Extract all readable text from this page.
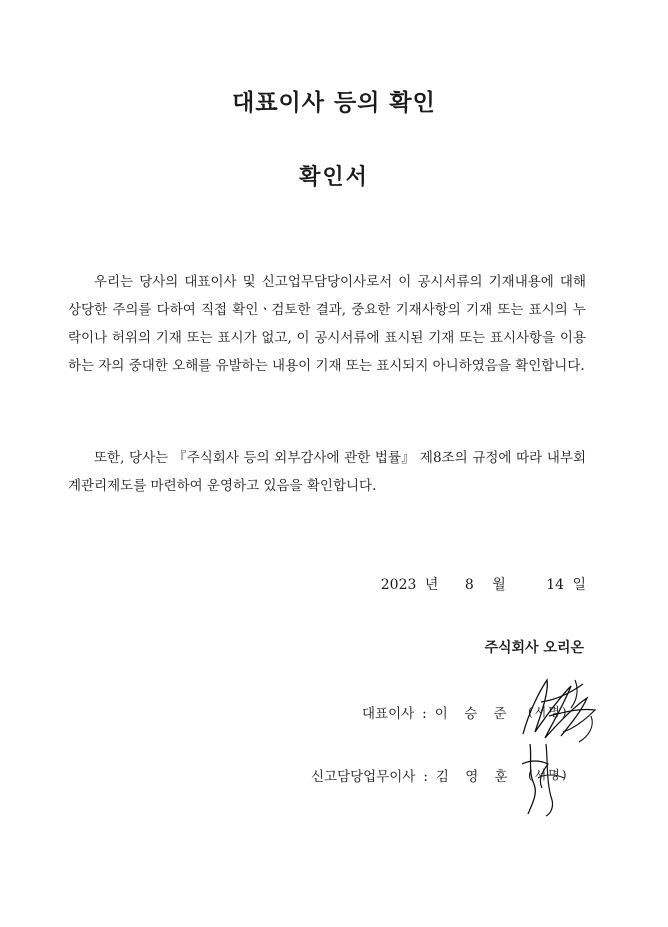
대표이사 등의 확인
확인서
우리는 당사의 대표이사 및 신고업무담당이사로서 이 공시서류의 기재내용에 대해 상당한 주의를 다하여 직접 확인ㆍ검토한 결과, 중요한 기재사항의 기재 또는 표시의 누락이나 허위의 기재 또는 표시가 없고, 이 공시서류에 표시된 기재 또는 표시사항을 이용하는 자의 중대한 오해를 유발하는 내용이 기재 또는 표시되지 아니하였음을 확인합니다.
또한, 당사는 『주식회사 등의 외부감사에 관한 법률』 제8조의 규정에 따라 내부회계관리제도를 마련하여 운영하고 있음을 확인합니다.
2023 년 8 월	14 일
주식회사 오리온
대표이사 : 이 승 준 (서명)
신고담당업무이사 : 김 영 훈 (서명)
